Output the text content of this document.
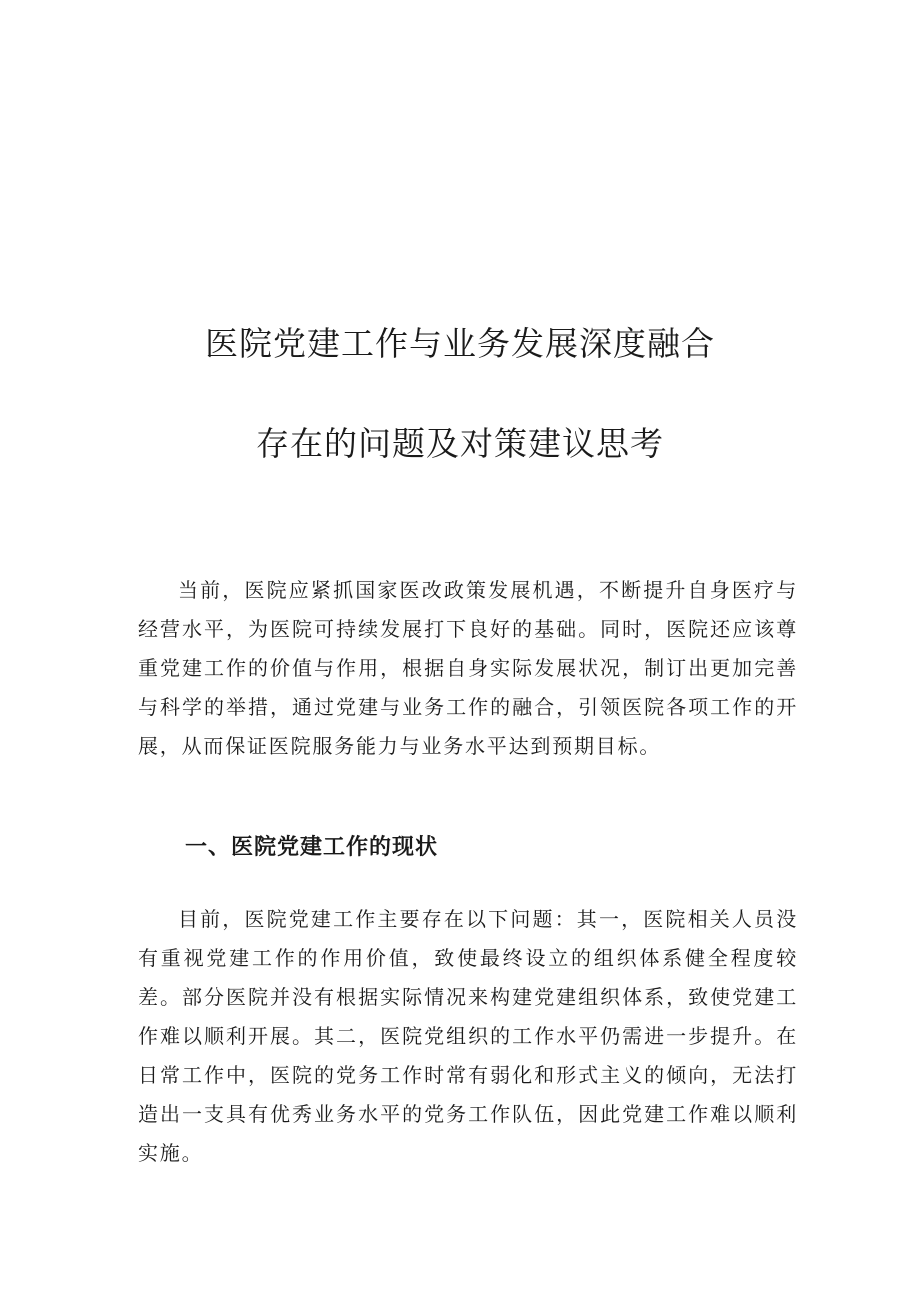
医院党建工作与业务发展深度融合
存在的问题及对策建议思考

当前，医院应紧抓国家医改政策发展机遇，不断提升自身医疗与经营水平，为医院可持续发展打下良好的基础。同时，医院还应该尊重党建工作的价值与作用，根据自身实际发展状况，制订出更加完善与科学的举措，通过党建与业务工作的融合，引领医院各项工作的开展，从而保证医院服务能力与业务水平达到预期目标。

一、医院党建工作的现状

目前，医院党建工作主要存在以下问题：其一，医院相关人员没有重视党建工作的作用价值，致使最终设立的组织体系健全程度较差。部分医院并没有根据实际情况来构建党建组织体系，致使党建工作难以顺利开展。其二，医院党组织的工作水平仍需进一步提升。在日常工作中，医院的党务工作时常有弱化和形式主义的倾向，无法打造出一支具有优秀业务水平的党务工作队伍，因此党建工作难以顺利实施。
